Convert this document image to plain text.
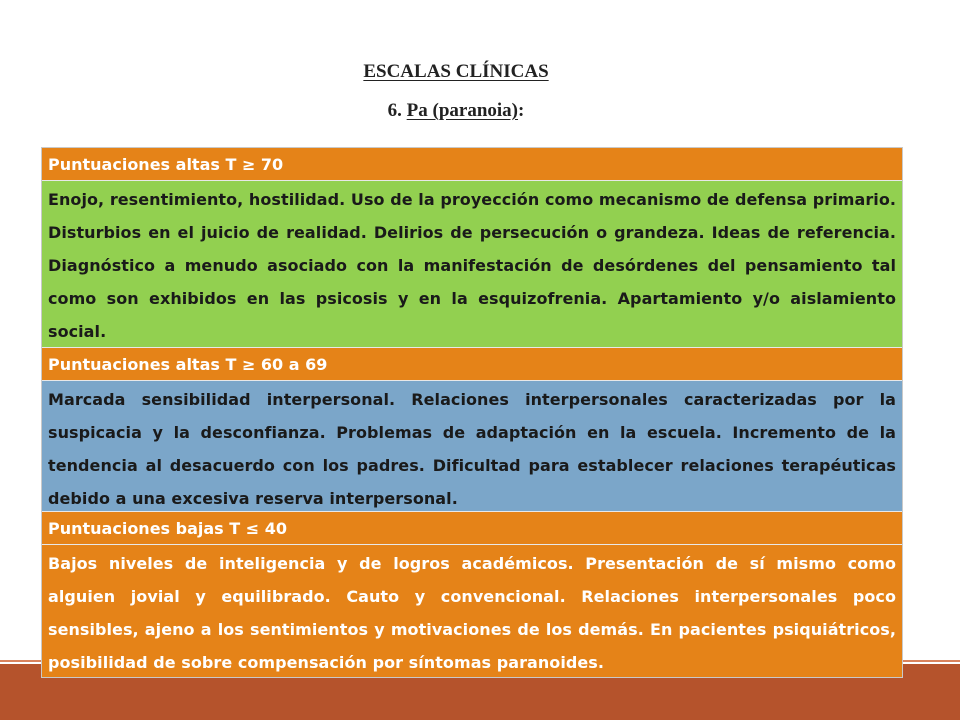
ESCALAS CLÍNICAS
6. Pa (paranoia):
Puntuaciones altas T ≥ 70
Enojo, resentimiento, hostilidad. Uso de la proyección como mecanismo de defensa primario. Disturbios en el juicio de realidad. Delirios de persecución o grandeza. Ideas de referencia. Diagnóstico a menudo asociado con la manifestación de desórdenes del pensamiento tal como son exhibidos en las psicosis y en la esquizofrenia. Apartamiento y/o aislamiento social.
Puntuaciones altas T ≥ 60 a 69
Marcada sensibilidad interpersonal. Relaciones interpersonales caracterizadas por la suspicacia y la desconfianza. Problemas de adaptación en la escuela. Incremento de la tendencia al desacuerdo con los padres. Dificultad para establecer relaciones terapéuticas debido a una excesiva reserva interpersonal.
Puntuaciones bajas T ≤ 40
Bajos niveles de inteligencia y de logros académicos. Presentación de sí mismo como alguien jovial y equilibrado. Cauto y convencional. Relaciones interpersonales poco sensibles, ajeno a los sentimientos y motivaciones de los demás. En pacientes psiquiátricos, posibilidad de sobre compensación por síntomas paranoides.
